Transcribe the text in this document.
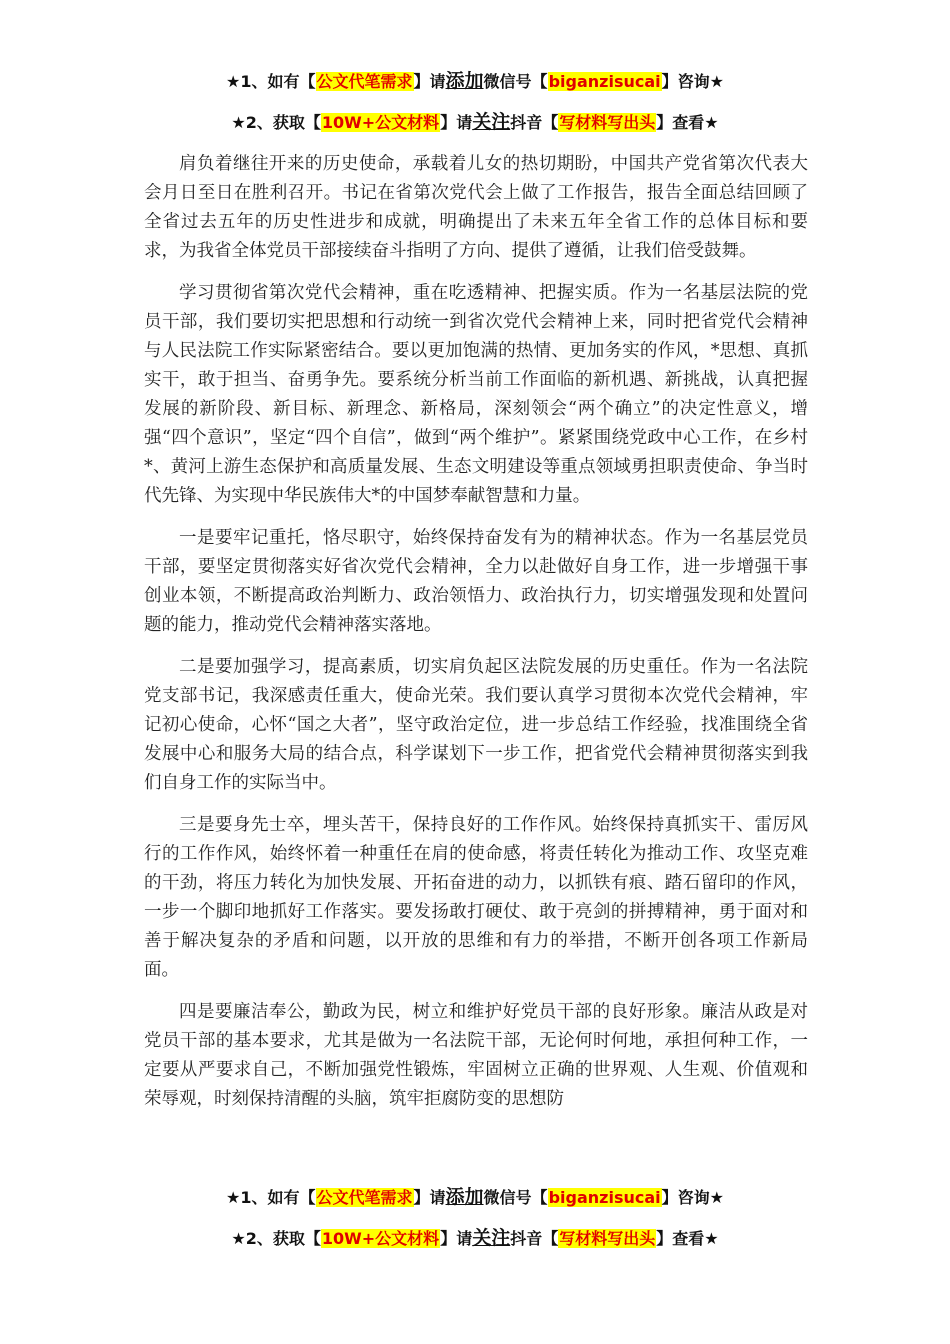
★1、如有【公文代笔需求】请添加微信号【biganzisucai】咨询★
★2、获取【10W+公文材料】请关注抖音【写材料写出头】查看★

肩负着继往开来的历史使命，承载着儿女的热切期盼，中国共产党省第次代表大会月日至日在胜利召开。书记在省第次党代会上做了工作报告，报告全面总结回顾了全省过去五年的历史性进步和成就，明确提出了未来五年全省工作的总体目标和要求，为我省全体党员干部接续奋斗指明了方向、提供了遵循，让我们倍受鼓舞。

学习贯彻省第次党代会精神，重在吃透精神、把握实质。作为一名基层法院的党员干部，我们要切实把思想和行动统一到省次党代会精神上来，同时把省党代会精神与人民法院工作实际紧密结合。要以更加饱满的热情、更加务实的作风，*思想、真抓实干，敢于担当、奋勇争先。要系统分析当前工作面临的新机遇、新挑战，认真把握发展的新阶段、新目标、新理念、新格局，深刻领会“两个确立”的决定性意义，增强“四个意识”，坚定“四个自信”，做到“两个维护”。紧紧围绕党政中心工作，在乡村*、黄河上游生态保护和高质量发展、生态文明建设等重点领域勇担职责使命、争当时代先锋、为实现中华民族伟大*的中国梦奉献智慧和力量。

一是要牢记重托，恪尽职守，始终保持奋发有为的精神状态。作为一名基层党员干部，要坚定贯彻落实好省次党代会精神，全力以赴做好自身工作，进一步增强干事创业本领，不断提高政治判断力、政治领悟力、政治执行力，切实增强发现和处置问题的能力，推动党代会精神落实落地。

二是要加强学习，提高素质，切实肩负起区法院发展的历史重任。作为一名法院党支部书记，我深感责任重大，使命光荣。我们要认真学习贯彻本次党代会精神，牢记初心使命，心怀“国之大者”，坚守政治定位，进一步总结工作经验，找准围绕全省发展中心和服务大局的结合点，科学谋划下一步工作，把省党代会精神贯彻落实到我们自身工作的实际当中。

三是要身先士卒，埋头苦干，保持良好的工作作风。始终保持真抓实干、雷厉风行的工作作风，始终怀着一种重任在肩的使命感，将责任转化为推动工作、攻坚克难的干劲，将压力转化为加快发展、开拓奋进的动力，以抓铁有痕、踏石留印的作风，一步一个脚印地抓好工作落实。要发扬敢打硬仗、敢于亮剑的拼搏精神，勇于面对和善于解决复杂的矛盾和问题，以开放的思维和有力的举措，不断开创各项工作新局面。

四是要廉洁奉公，勤政为民，树立和维护好党员干部的良好形象。廉洁从政是对党员干部的基本要求，尤其是做为一名法院干部，无论何时何地，承担何种工作，一定要从严要求自己，不断加强党性锻炼，牢固树立正确的世界观、人生观、价值观和荣辱观，时刻保持清醒的头脑，筑牢拒腐防变的思想防

★1、如有【公文代笔需求】请添加微信号【biganzisucai】咨询★
★2、获取【10W+公文材料】请关注抖音【写材料写出头】查看★
